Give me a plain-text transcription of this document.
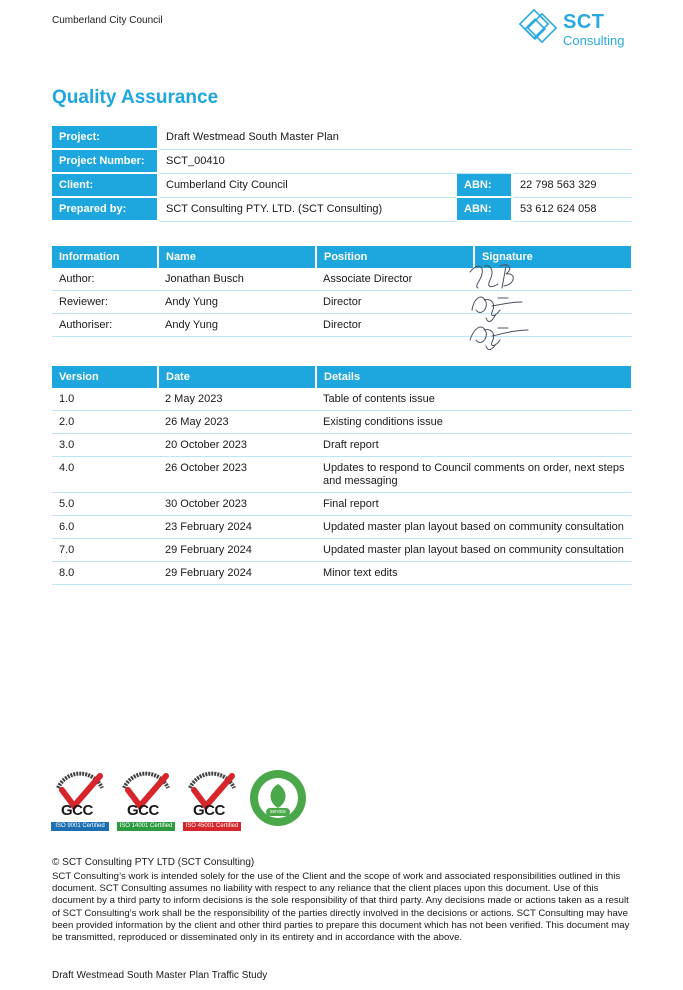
Cumberland City Council	SCT
Consulting
Quality Assurance
Project:	Draft Westmead South Master Plan		
Project Number:	SCT_00410		
Client:	Cumberland City Council	ABN:	22 798 563 329
Prepared by:	SCT Consulting PTY. LTD. (SCT Consulting)	ABN:	53 612 624 058
Information	Name	Position	Signature
Author:	Jonathan Busch	Associate Director	
Reviewer:	Andy Yung	Director	
Authoriser:	Andy Yung	Director	
Version	Date	Details
1.0	2 May 2023	Table of contents issue
2.0	26 May 2023	Existing conditions issue
3.0	20 October 2023	Draft report
4.0	26 October 2023	Updates to respond to Council comments on order, next steps and messaging
5.0	30 October 2023	Final report
6.0	23 February 2024	Updated master plan layout based on community consultation
7.0	29 February 2024	Updated master plan layout based on community consultation
8.0	29 February 2024	Minor text edits
GCC
ISO 9001 Certified
GCC
ISO 14001 Certified
GCC
ISO 45001 Certified
service
© SCT Consulting PTY LTD (SCT Consulting)
SCT Consulting’s work is intended solely for the use of the Client and the scope of work and associated responsibilities outlined in this document. SCT Consulting assumes no liability with respect to any reliance that the client places upon this document. Use of this document by a third party to inform decisions is the sole responsibility of that third party. Any decisions made or actions taken as a result of SCT Consulting’s work shall be the responsibility of the parties directly involved in the decisions or actions. SCT Consulting may have been provided information by the client and other third parties to prepare this document which has not been verified. This document may be transmitted, reproduced or disseminated only in its entirety and in accordance with the above.
Draft Westmead South Master Plan Traffic Study
